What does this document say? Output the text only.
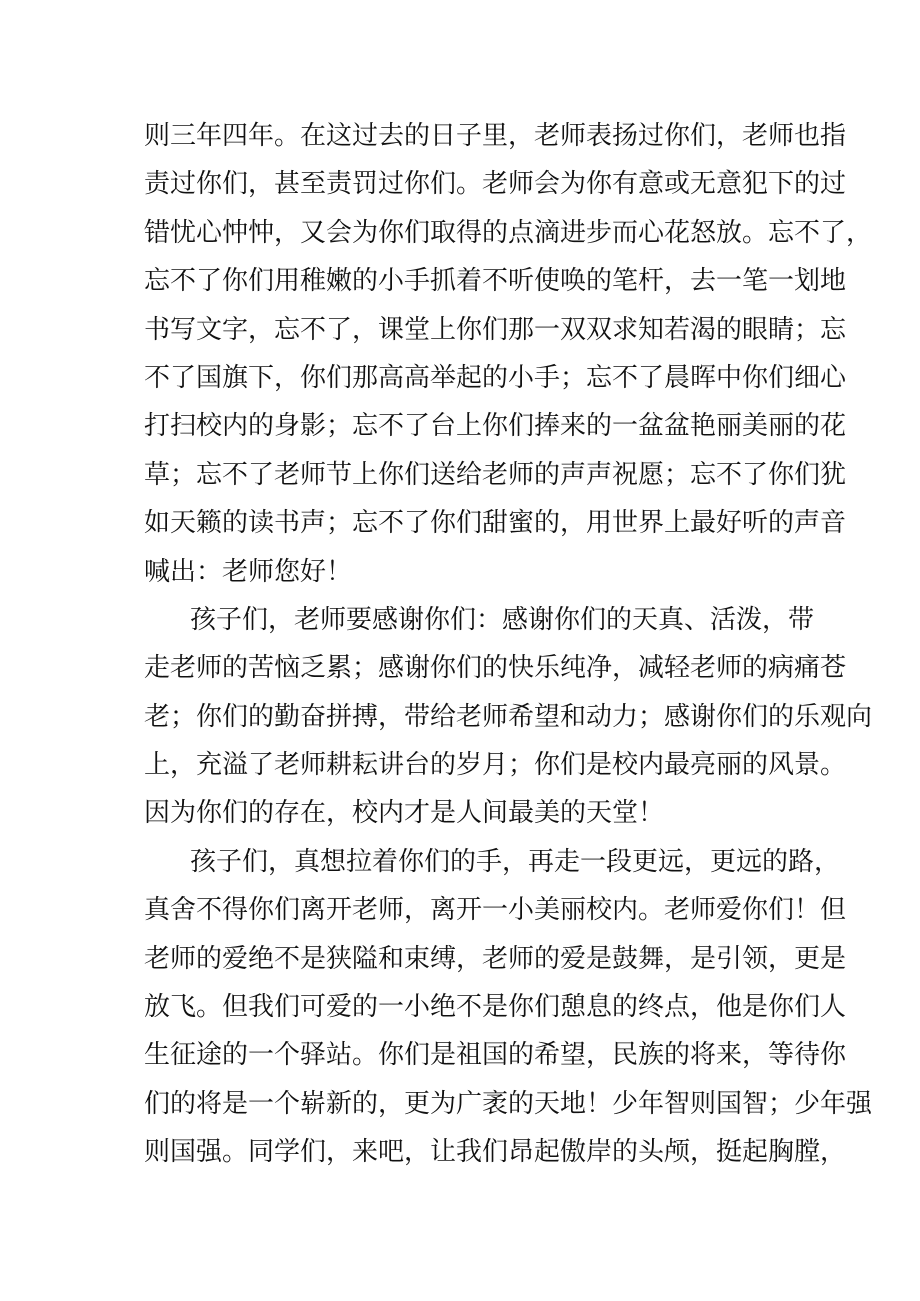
则三年四年。在这过去的日子里，老师表扬过你们，老师也指
责过你们，甚至责罚过你们。老师会为你有意或无意犯下的过
错忧心忡忡，又会为你们取得的点滴进步而心花怒放。忘不了，
忘不了你们用稚嫩的小手抓着不听使唤的笔杆，去一笔一划地
书写文字，忘不了，课堂上你们那一双双求知若渴的眼睛；忘
不了国旗下，你们那高高举起的小手；忘不了晨晖中你们细心
打扫校内的身影；忘不了台上你们捧来的一盆盆艳丽美丽的花
草；忘不了老师节上你们送给老师的声声祝愿；忘不了你们犹
如天籁的读书声；忘不了你们甜蜜的，用世界上最好听的声音
喊出：老师您好！
孩子们，老师要感谢你们：感谢你们的天真、活泼，带
走老师的苦恼乏累；感谢你们的快乐纯净，减轻老师的病痛苍
老；你们的勤奋拼搏，带给老师希望和动力；感谢你们的乐观向
上，充溢了老师耕耘讲台的岁月；你们是校内最亮丽的风景。
因为你们的存在，校内才是人间最美的天堂！
孩子们，真想拉着你们的手，再走一段更远，更远的路，
真舍不得你们离开老师，离开一小美丽校内。老师爱你们！但
老师的爱绝不是狭隘和束缚，老师的爱是鼓舞，是引领，更是
放飞。但我们可爱的一小绝不是你们憩息的终点，他是你们人
生征途的一个驿站。你们是祖国的希望，民族的将来，等待你
们的将是一个崭新的，更为广袤的天地！少年智则国智；少年强
则国强。同学们，来吧，让我们昂起傲岸的头颅，挺起胸膛，
